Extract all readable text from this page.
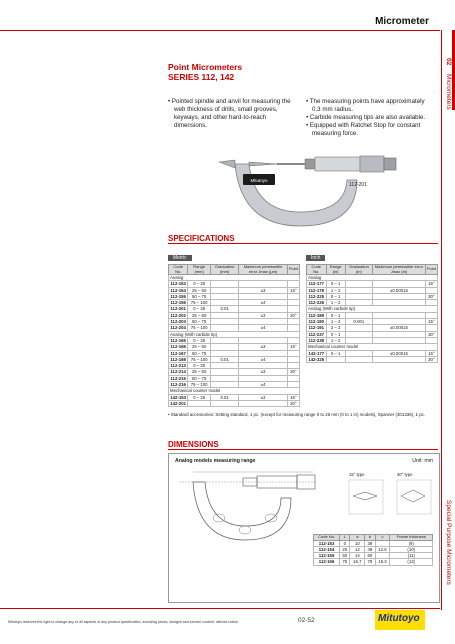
Micrometer
02
Micrometers
Special Purpose Micrometers
Point Micrometers
SERIES 112, 142
• Pointed spindle and anvil for measuring the web thickness of drills, small grooves, keyways, and other hard-to-reach dimensions.
• The measuring points have approximately 0.3 mm radius.
• Carbide measuring tips are also available.
• Equipped with Ratchet Stop for constant measuring force.
Mitutoyo
112-201
SPECIFICATIONS
Metric
Code No.	Range (mm)	Graduation (mm)	Maximum permissible error Jmax (µm)	Point
Analog				
112-153	0 – 25			
112-154	25 – 50		±3	15°
112-155	50 – 75			
112-156	75 – 100		±4	
112-201	0 – 25	0.01		
112-202	25 – 50		±3	30°
112-203	50 – 75			
112-204	75 – 100		±4	
Analog (With carbide tip)				
112-165	0 – 25			
112-166	25 – 50		±3	15°
112-167	50 – 75			
112-168	75 – 100	0.01	±4	
112-213	0 – 25			
112-214	25 – 50		±3	30°
112-215	50 – 75			
112-216	75 – 100		±4	
Mechanical counter model				
142-153	0 – 25	0.01	±3	15°
142-201				30°
Inch
Code No.	Range (in)	Graduation (in)	Maximum permissible error Jmax (in)	Point
Analog				
112-177	0 – 1			15°
112-178	1 – 2		±0.00015	
112-225	0 – 1			30°
112-226	1 – 2			
Analog (With carbide tip)				
112-189	0 – 1			
112-190	1 – 2	0.001		15°
112-191	2 – 3		±0.00015	
112-237	0 – 1			30°
112-238	1 – 2			
Mechanical counter model				
142-177	0 – 1		±0.00015	15°
142-225				30°
• Standard accessories: Setting standard, 1 pc. (except for measuring range 0 to 25 mm (0 to 1 in) models), Spanner (301336), 1 pc.
DIMENSIONS
Analog models measuring range	Unit: mm
15° type	30° type
Code No.	L	a	b	c	Frame thickness
112-153	0	10	38		(9)
112-154	25	12	49	12.5	(10)
112-155	50	14	60		(11)
112-156	75	16.7	79	15.3	(13)
Mitutoyo reserves the right to change any or all aspects of any product specification, including prices, designs and service content, without notice.	02-52	Mitutoyo
